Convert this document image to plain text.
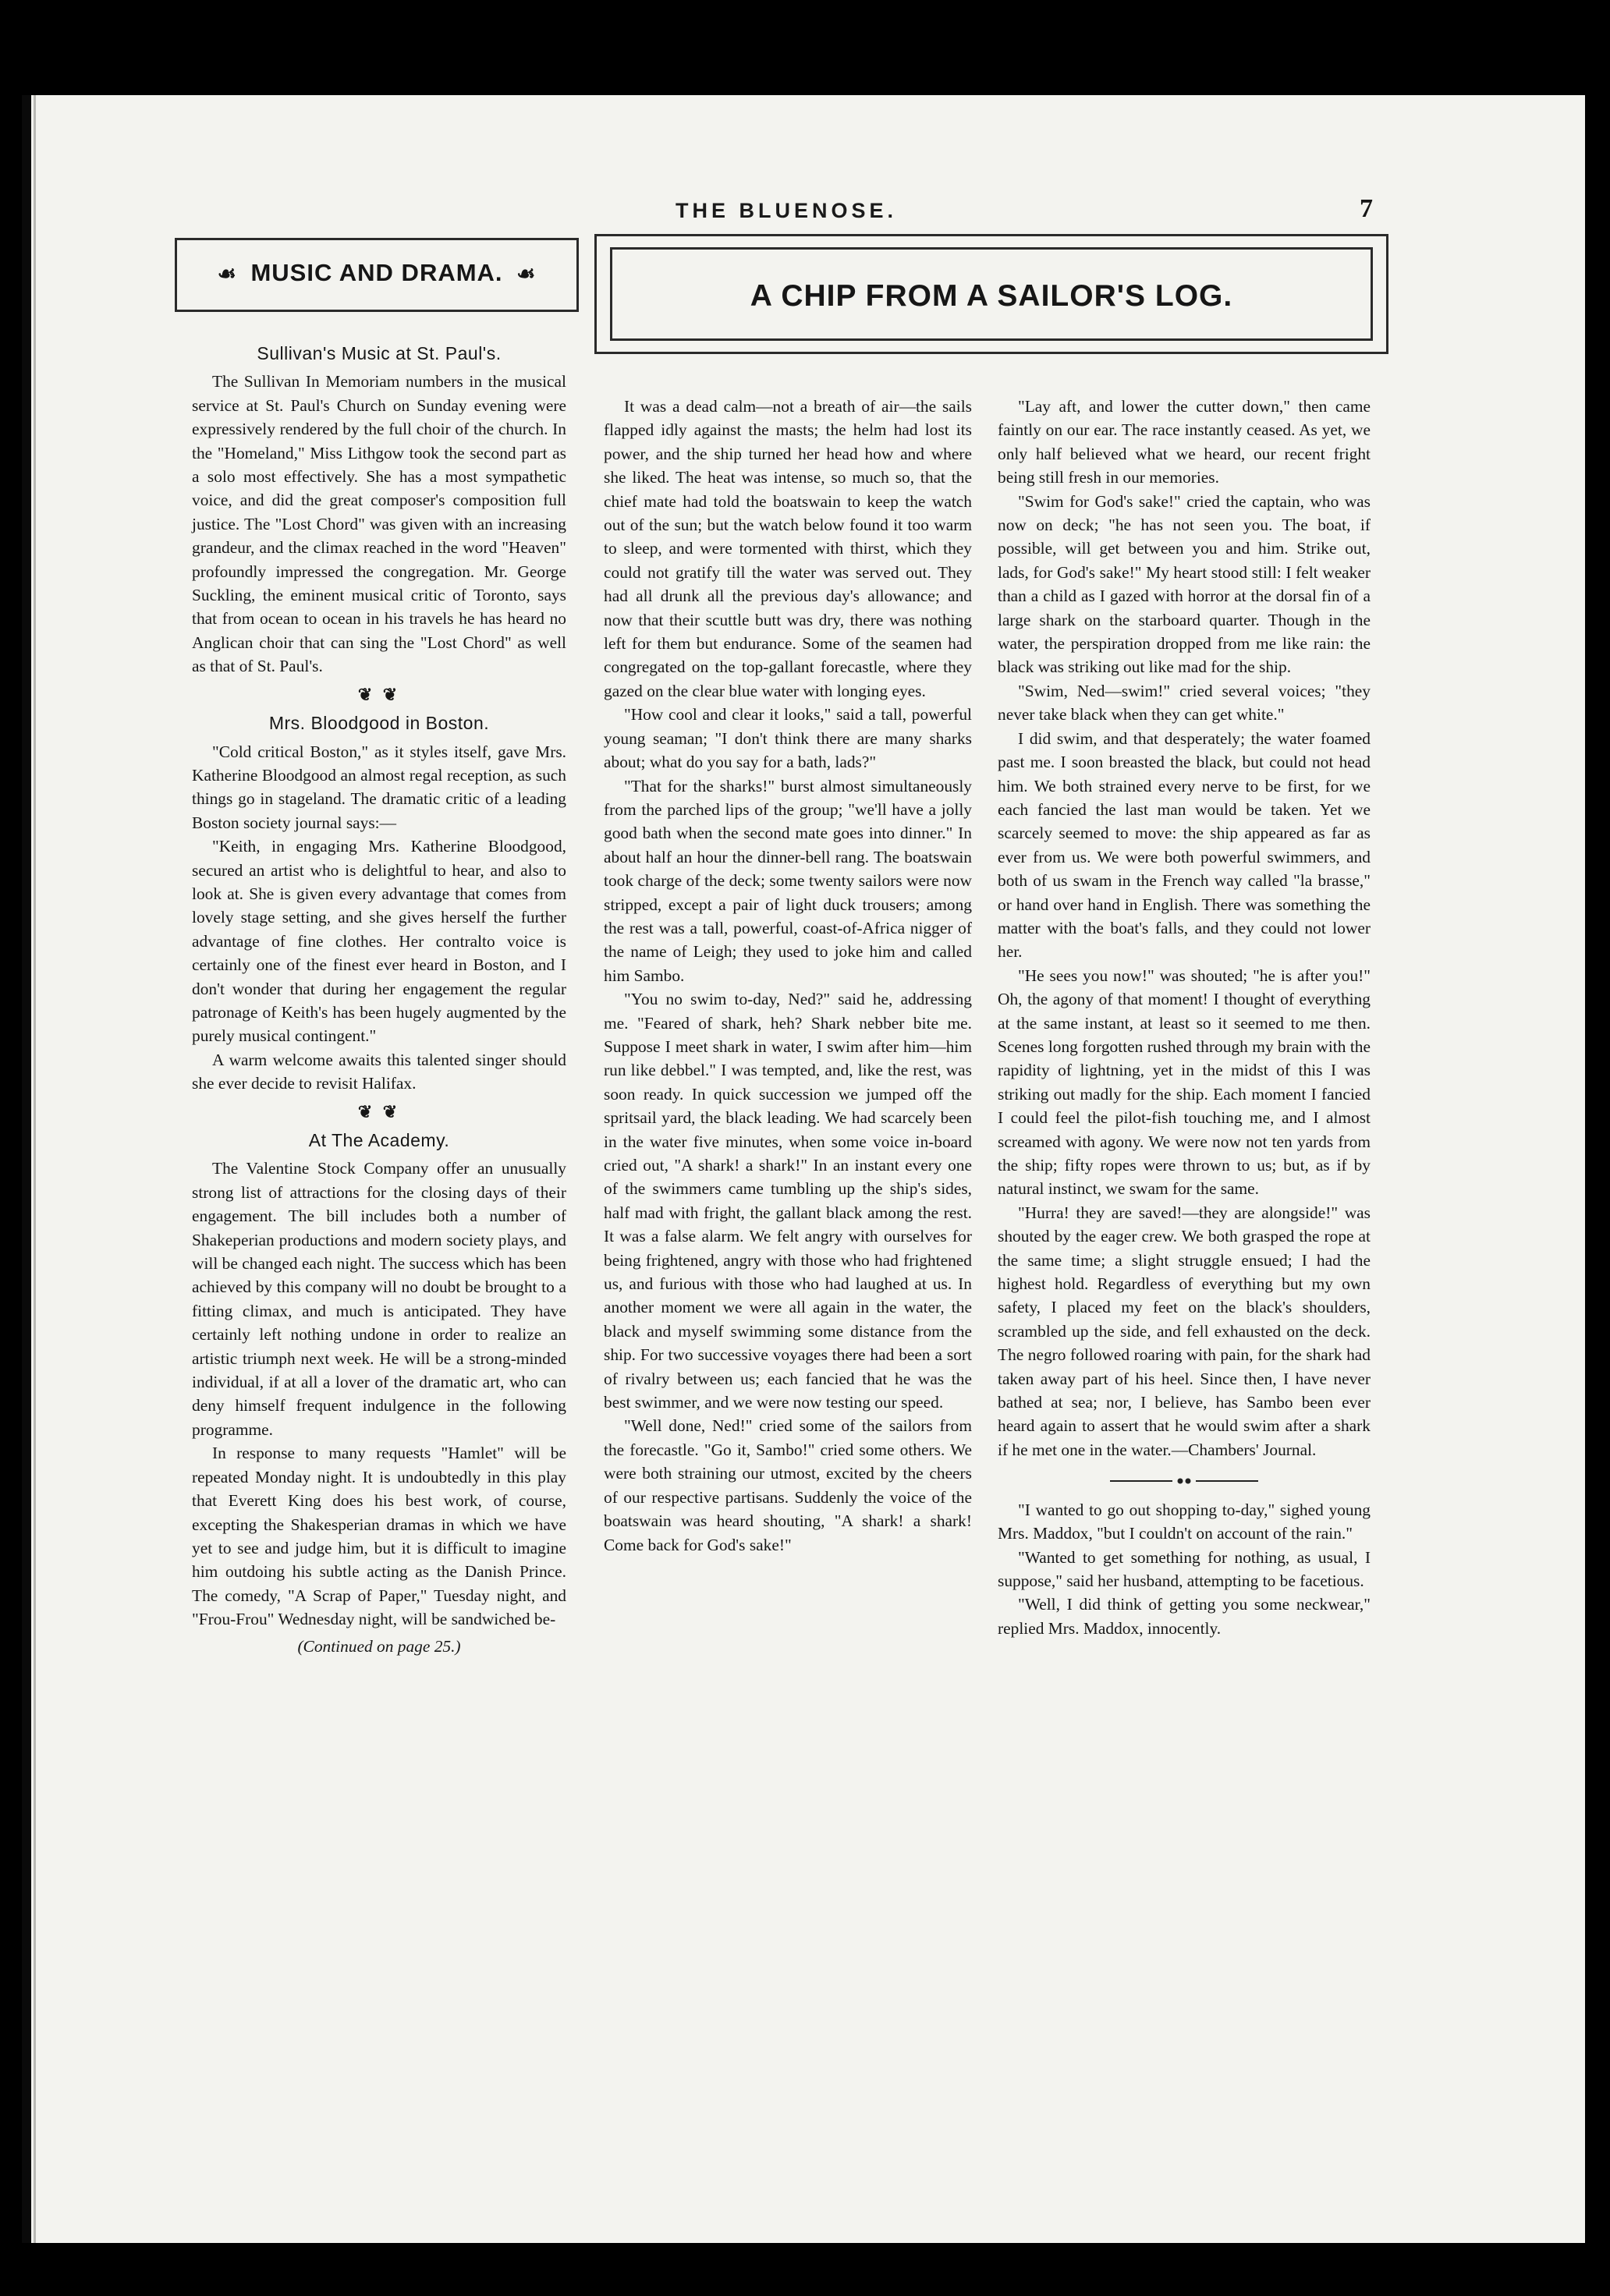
THE BLUENOSE.	7
☙ MUSIC AND DRAMA. ☙
A CHIP FROM A SAILOR'S LOG.
Sullivan's Music at St. Paul's.

The Sullivan In Memoriam numbers in the musical service at St. Paul's Church on Sunday evening were expressively rendered by the full choir of the church. In the "Homeland," Miss Lithgow took the second part as a solo most effectively. She has a most sympathetic voice, and did the great composer's composition full justice. The "Lost Chord" was given with an increasing grandeur, and the climax reached in the word "Heaven" profoundly impressed the congregation. Mr. George Suckling, the eminent musical critic of Toronto, says that from ocean to ocean in his travels he has heard no Anglican choir that can sing the "Lost Chord" as well as that of St. Paul's.

❦ ❦
Mrs. Bloodgood in Boston.

"Cold critical Boston," as it styles itself, gave Mrs. Katherine Bloodgood an almost regal reception, as such things go in stageland. The dramatic critic of a leading Boston society journal says:—

"Keith, in engaging Mrs. Katherine Bloodgood, secured an artist who is delightful to hear, and also to look at. She is given every advantage that comes from lovely stage setting, and she gives herself the further advantage of fine clothes. Her contralto voice is certainly one of the finest ever heard in Boston, and I don't wonder that during her engagement the regular patronage of Keith's has been hugely augmented by the purely musical contingent."

A warm welcome awaits this talented singer should she ever decide to revisit Halifax.

❦ ❦
At The Academy.

The Valentine Stock Company offer an unusually strong list of attractions for the closing days of their engagement. The bill includes both a number of Shakeperian productions and modern society plays, and will be changed each night. The success which has been achieved by this company will no doubt be brought to a fitting climax, and much is anticipated. They have certainly left nothing undone in order to realize an artistic triumph next week. He will be a strong-minded individual, if at all a lover of the dramatic art, who can deny himself frequent indulgence in the following programme.

In response to many requests "Hamlet" will be repeated Monday night. It is undoubtedly in this play that Everett King does his best work, of course, excepting the Shakesperian dramas in which we have yet to see and judge him, but it is difficult to imagine him outdoing his subtle acting as the Danish Prince. The comedy, "A Scrap of Paper," Tuesday night, and "Frou-Frou" Wednesday night, will be sandwiched be-

(Continued on page 25.)

It was a dead calm—not a breath of air—the sails flapped idly against the masts; the helm had lost its power, and the ship turned her head how and where she liked. The heat was intense, so much so, that the chief mate had told the boatswain to keep the watch out of the sun; but the watch below found it too warm to sleep, and were tormented with thirst, which they could not gratify till the water was served out. They had all drunk all the previous day's allowance; and now that their scuttle butt was dry, there was nothing left for them but endurance. Some of the seamen had congregated on the top-gallant forecastle, where they gazed on the clear blue water with longing eyes.

"How cool and clear it looks," said a tall, powerful young seaman; "I don't think there are many sharks about; what do you say for a bath, lads?"

"That for the sharks!" burst almost simultaneously from the parched lips of the group; "we'll have a jolly good bath when the second mate goes into dinner." In about half an hour the dinner-bell rang. The boatswain took charge of the deck; some twenty sailors were now stripped, except a pair of light duck trousers; among the rest was a tall, powerful, coast-of-Africa nigger of the name of Leigh; they used to joke him and called him Sambo.

"You no swim to-day, Ned?" said he, addressing me. "Feared of shark, heh? Shark nebber bite me. Suppose I meet shark in water, I swim after him—him run like debbel." I was tempted, and, like the rest, was soon ready. In quick succession we jumped off the spritsail yard, the black leading. We had scarcely been in the water five minutes, when some voice in-board cried out, "A shark! a shark!" In an instant every one of the swimmers came tumbling up the ship's sides, half mad with fright, the gallant black among the rest. It was a false alarm. We felt angry with ourselves for being frightened, angry with those who had frightened us, and furious with those who had laughed at us. In another moment we were all again in the water, the black and myself swimming some distance from the ship. For two successive voyages there had been a sort of rivalry between us; each fancied that he was the best swimmer, and we were now testing our speed.

"Well done, Ned!" cried some of the sailors from the forecastle. "Go it, Sambo!" cried some others. We were both straining our utmost, excited by the cheers of our respective partisans. Suddenly the voice of the boatswain was heard shouting, "A shark! a shark! Come back for God's sake!"

"Lay aft, and lower the cutter down," then came faintly on our ear. The race instantly ceased. As yet, we only half believed what we heard, our recent fright being still fresh in our memories.

"Swim for God's sake!" cried the captain, who was now on deck; "he has not seen you. The boat, if possible, will get between you and him. Strike out, lads, for God's sake!" My heart stood still: I felt weaker than a child as I gazed with horror at the dorsal fin of a large shark on the starboard quarter. Though in the water, the perspiration dropped from me like rain: the black was striking out like mad for the ship.

"Swim, Ned—swim!" cried several voices; "they never take black when they can get white."

I did swim, and that desperately; the water foamed past me. I soon breasted the black, but could not head him. We both strained every nerve to be first, for we each fancied the last man would be taken. Yet we scarcely seemed to move: the ship appeared as far as ever from us. We were both powerful swimmers, and both of us swam in the French way called "la brasse," or hand over hand in English. There was something the matter with the boat's falls, and they could not lower her.

"He sees you now!" was shouted; "he is after you!" Oh, the agony of that moment! I thought of everything at the same instant, at least so it seemed to me then. Scenes long forgotten rushed through my brain with the rapidity of lightning, yet in the midst of this I was striking out madly for the ship. Each moment I fancied I could feel the pilot-fish touching me, and I almost screamed with agony. We were now not ten yards from the ship; fifty ropes were thrown to us; but, as if by natural instinct, we swam for the same.

"Hurra! they are saved!—they are alongside!" was shouted by the eager crew. We both grasped the rope at the same time; a slight struggle ensued; I had the highest hold. Regardless of everything but my own safety, I placed my feet on the black's shoulders, scrambled up the side, and fell exhausted on the deck. The negro followed roaring with pain, for the shark had taken away part of his heel. Since then, I have never bathed at sea; nor, I believe, has Sambo been ever heard again to assert that he would swim after a shark if he met one in the water.—Chambers' Journal.

"I wanted to go out shopping to-day," sighed young Mrs. Maddox, "but I couldn't on account of the rain."

"Wanted to get something for nothing, as usual, I suppose," said her husband, attempting to be facetious.

"Well, I did think of getting you some neckwear," replied Mrs. Maddox, innocently.
